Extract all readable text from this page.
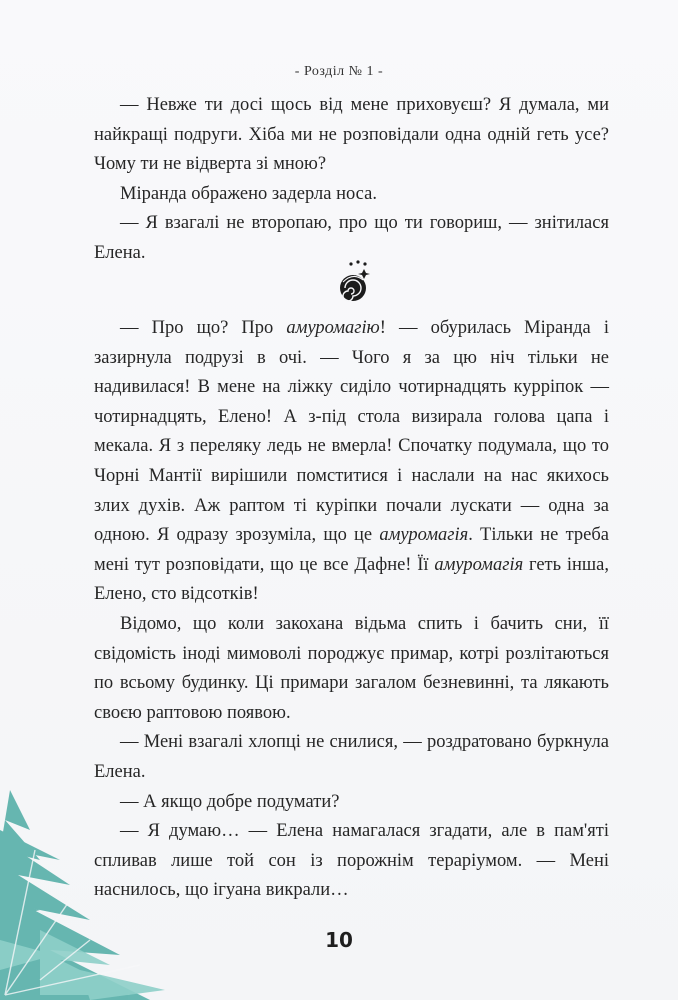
- Розділ № 1 -

— Невже ти досі щось від мене приховуєш? Я думала, ми найкращі подруги. Хіба ми не розповідали одна одній геть усе? Чому ти не відверта зі мною?

Міранда ображено задерла носа.

— Я взагалі не второпаю, про що ти говориш, — знітилася Елена.

— Про що? Про амуромагію! — обурилась Міранда і зазирнула подрузі в очі. — Чого я за цю ніч тільки не надивилася! В мене на ліжку сиділо чотирнадцять курріпок — чотирнадцять, Елено! А з-під стола визирала голова цапа і мекала. Я з переляку ледь не вмерла! Спочатку подумала, що то Чорні Мантії вирішили помститися і наслали на нас якихось злих духів. Аж раптом ті куріпки почали лускати — одна за одною. Я одразу зрозуміла, що це амуромагія. Тільки не треба мені тут розповідати, що це все Дафне! Її амуромагія геть інша, Елено, сто відсотків!

Відомо, що коли закохана відьма спить і бачить сни, її свідомість іноді мимоволі породжує примар, котрі розлітаються по всьому будинку. Ці примари загалом безневинні, та лякають своєю раптовою появою.

— Мені взагалі хлопці не снилися, — роздратовано буркнула Елена.

— А якщо добре подумати?

— Я думаю… — Елена намагалася згадати, але в пам'яті спливав лише той сон із порожнім тераріумом. — Мені наснилось, що ігуана викрали…

10
